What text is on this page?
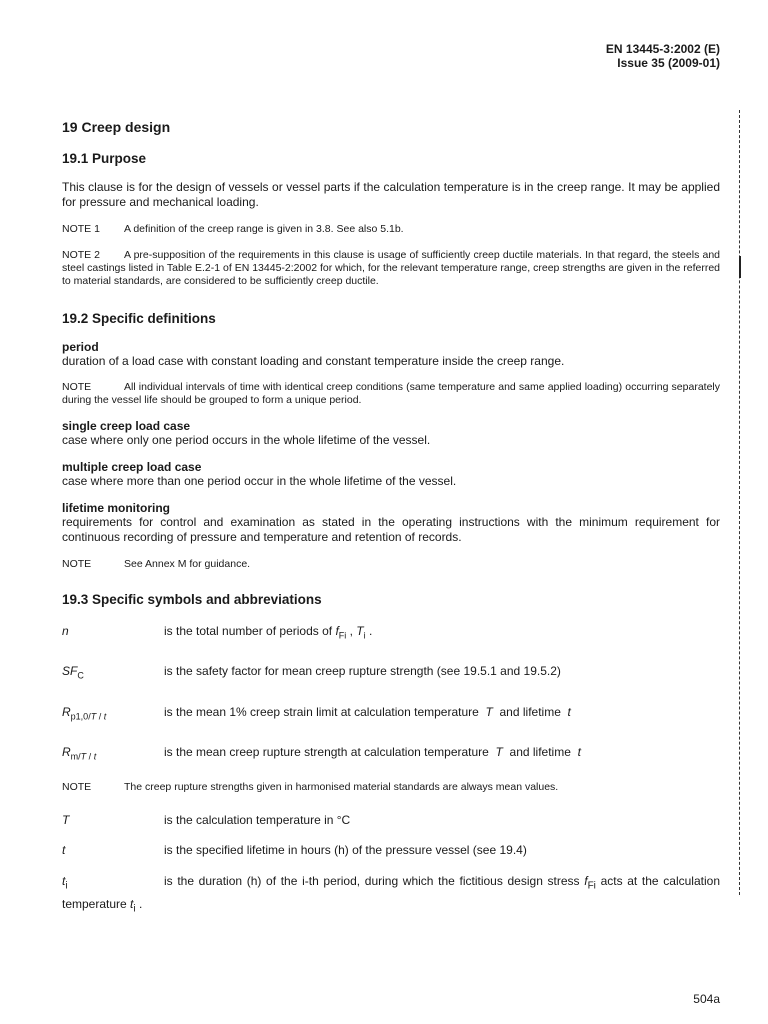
EN 13445-3:2002 (E)
Issue 35 (2009-01)
19 Creep design
19.1 Purpose

This clause is for the design of vessels or vessel parts if the calculation temperature is in the creep range. It may be applied for pressure and mechanical loading.

NOTE 1 A definition of the creep range is given in 3.8. See also 5.1b.

NOTE 2 A pre-supposition of the requirements in this clause is usage of sufficiently creep ductile materials. In that regard, the steels and steel castings listed in Table E.2-1 of EN 13445-2:2002 for which, for the relevant temperature range, creep strengths are given in the referred to material standards, are considered to be sufficiently creep ductile.

19.2 Specific definitions
period

duration of a load case with constant loading and constant temperature inside the creep range.

NOTE	All individual intervals of time with identical creep conditions (same temperature and same applied loading) occurring separately during the vessel life should be grouped to form a unique period.

single creep load case

case where only one period occurs in the whole lifetime of the vessel.

multiple creep load case

case where more than one period occur in the whole lifetime of the vessel.

lifetime monitoring

requirements for control and examination as stated in the operating instructions with the minimum requirement for continuous recording of pressure and temperature and retention of records.

NOTE	See Annex M for guidance.

19.3 Specific symbols and abbreviations
n	is the total number of periods of $f_{Fi}$ , $T_i$ .
$SF_C$	is the safety factor for mean creep rupture strength (see 19.5.1 and 19.5.2)
$R_{p1,0/T / t}$	is the mean 1% creep strain limit at calculation temperature  T  and lifetime  t
$R_{m/T / t}$	is the mean creep rupture strength at calculation temperature  T  and lifetime  t

NOTE	The creep rupture strengths given in harmonised material standards are always mean values.

T	is the calculation temperature in °C
t	is the specified lifetime in hours (h) of the pressure vessel (see 19.4)
$t_i$	is the duration (h) of the i-th period, during which the fictitious design stress $f_{Fi}$ acts at the calculation temperature $t_i$ .
504a
